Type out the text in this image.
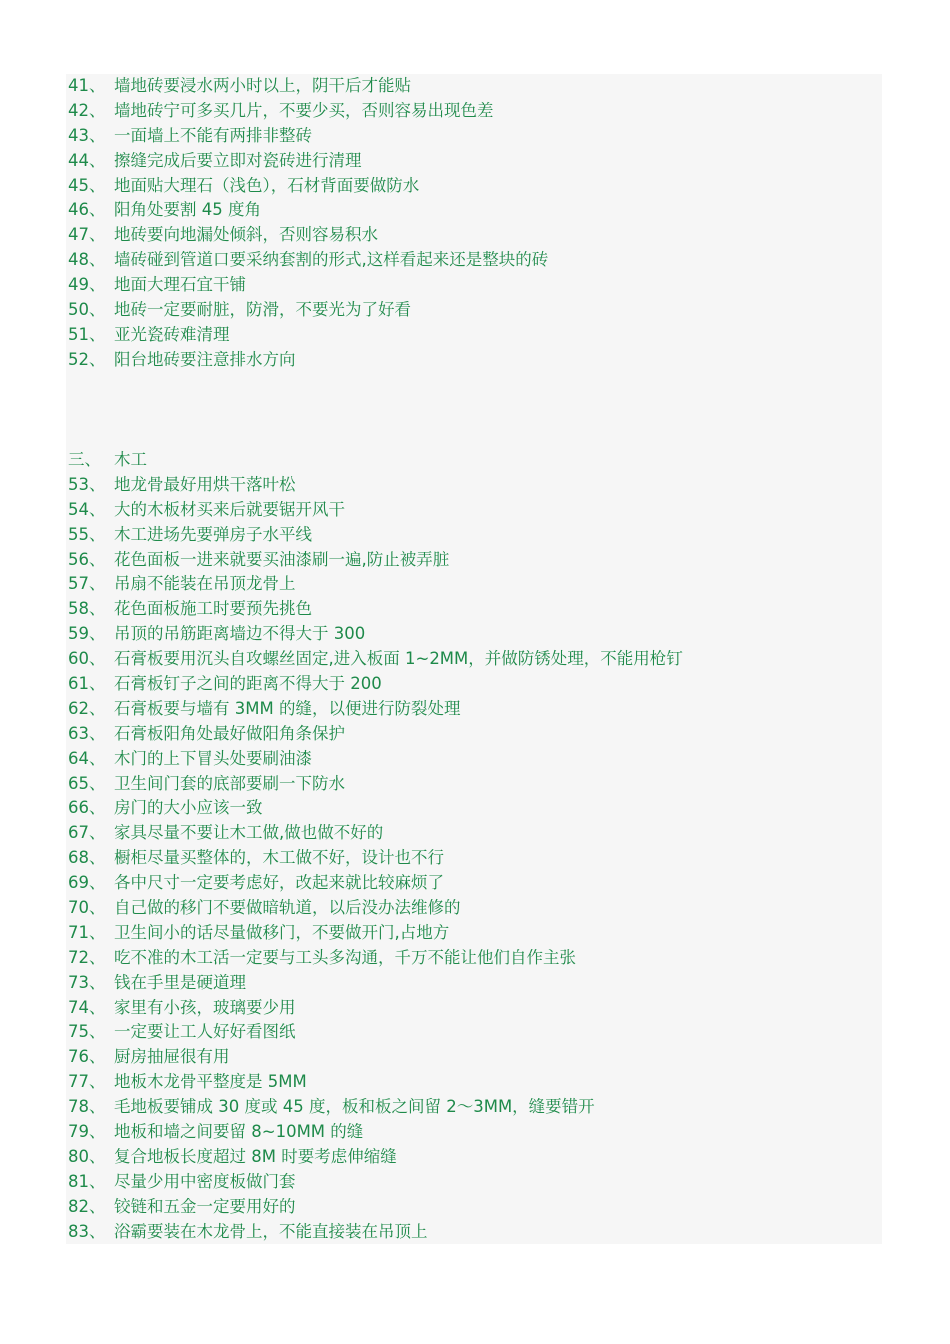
41、 墙地砖要浸水两小时以上，阴干后才能贴
42、 墙地砖宁可多买几片，不要少买，否则容易出现色差
43、 一面墙上不能有两排非整砖
44、 擦缝完成后要立即对瓷砖进行清理
45、 地面贴大理石（浅色），石材背面要做防水
46、 阳角处要割 45 度角
47、 地砖要向地漏处倾斜，否则容易积水
48、 墙砖碰到管道口要采纳套割的形式,这样看起来还是整块的砖
49、 地面大理石宜干铺
50、 地砖一定要耐脏，防滑，不要光为了好看
51、 亚光瓷砖难清理
52、 阳台地砖要注意排水方向
三、 木工
53、 地龙骨最好用烘干落叶松
54、 大的木板材买来后就要锯开风干
55、 木工进场先要弹房子水平线
56、 花色面板一进来就要买油漆刷一遍,防止被弄脏
57、 吊扇不能装在吊顶龙骨上
58、 花色面板施工时要预先挑色
59、 吊顶的吊筋距离墙边不得大于 300
60、 石膏板要用沉头自攻螺丝固定,进入板面 1~2MM，并做防锈处理，不能用枪钉
61、 石膏板钉子之间的距离不得大于 200
62、 石膏板要与墙有 3MM 的缝，以便进行防裂处理
63、 石膏板阳角处最好做阳角条保护
64、 木门的上下冒头处要刷油漆
65、 卫生间门套的底部要刷一下防水
66、 房门的大小应该一致
67、 家具尽量不要让木工做,做也做不好的
68、 橱柜尽量买整体的，木工做不好，设计也不行
69、 各中尺寸一定要考虑好，改起来就比较麻烦了
70、 自己做的移门不要做暗轨道，以后没办法维修的
71、 卫生间小的话尽量做移门，不要做开门,占地方
72、 吃不准的木工活一定要与工头多沟通，千万不能让他们自作主张
73、 钱在手里是硬道理
74、 家里有小孩，玻璃要少用
75、 一定要让工人好好看图纸
76、 厨房抽屉很有用
77、 地板木龙骨平整度是 5MM
78、 毛地板要铺成 30 度或 45 度，板和板之间留 2～3MM，缝要错开
79、 地板和墙之间要留 8~10MM 的缝
80、 复合地板长度超过 8M 时要考虑伸缩缝
81、 尽量少用中密度板做门套
82、 铰链和五金一定要用好的
83、 浴霸要装在木龙骨上，不能直接装在吊顶上
